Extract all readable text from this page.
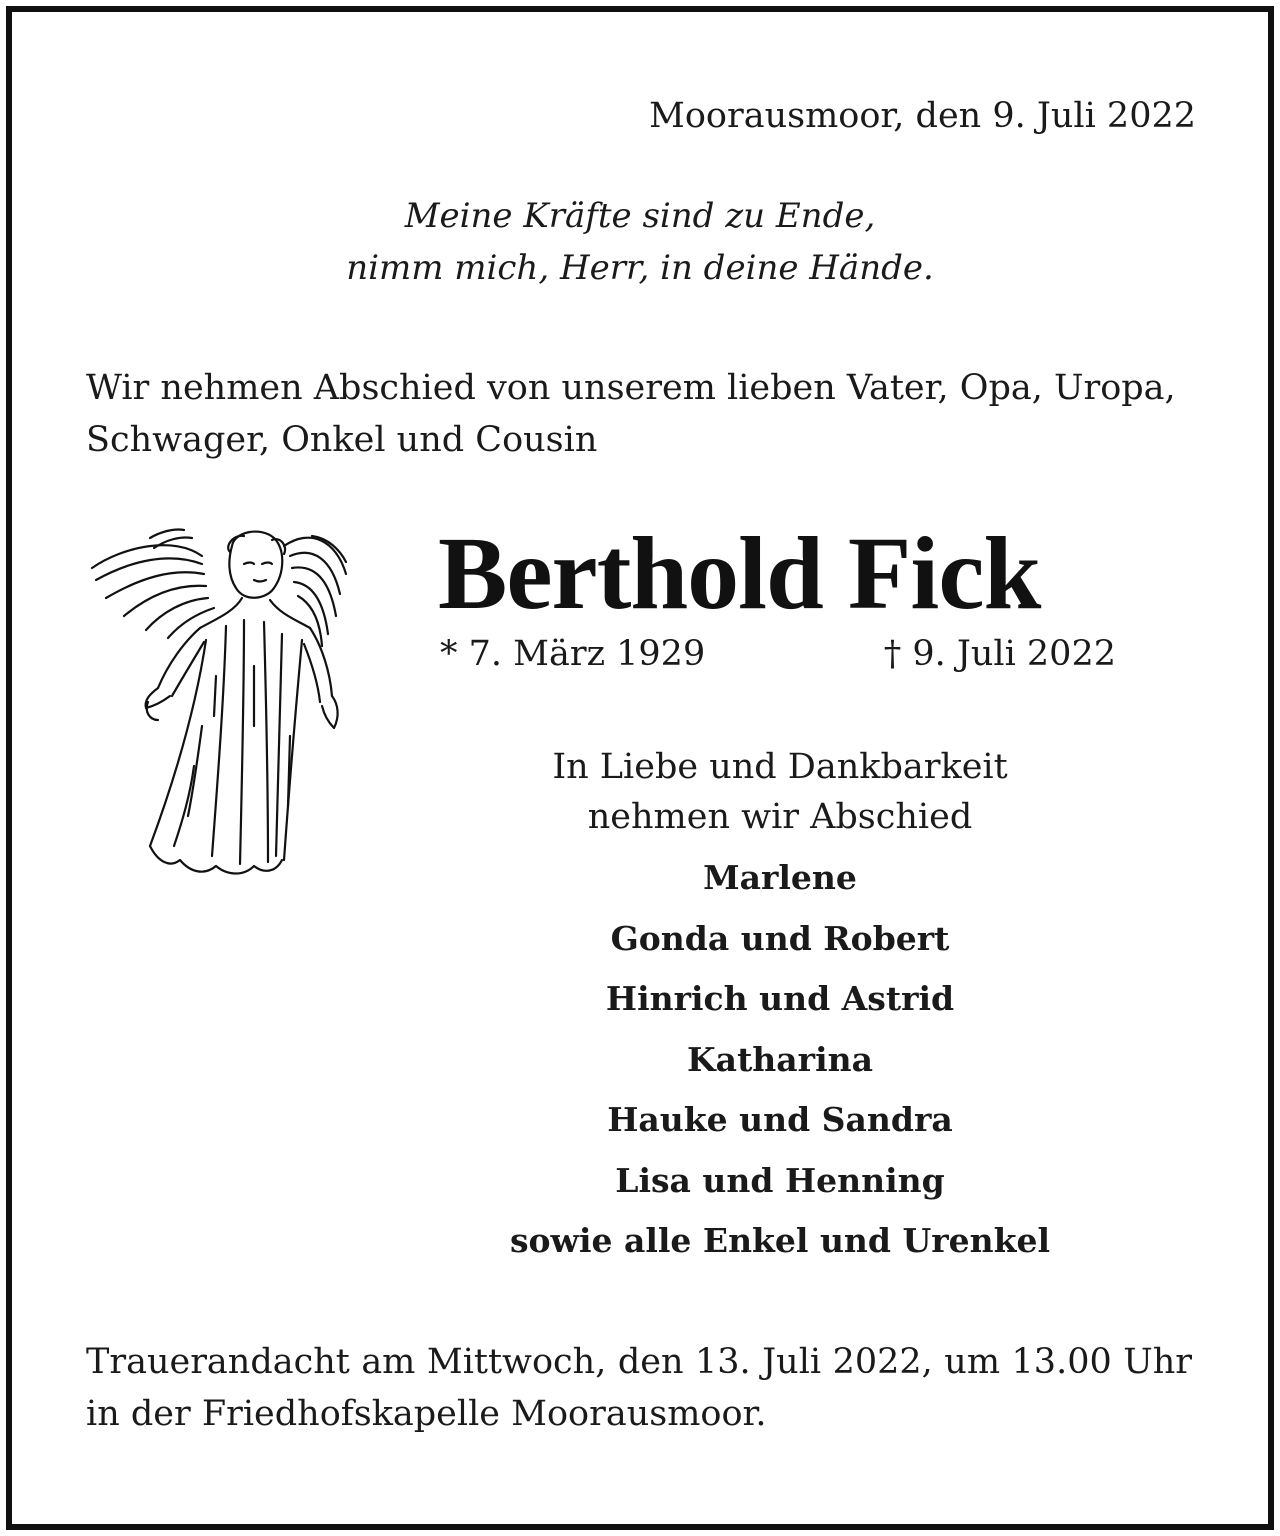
Moorausmoor, den 9. Juli 2022
Meine Kräfte sind zu Ende,
nimm mich, Herr, in deine Hände.
Wir nehmen Abschied von unserem lieben Vater, Opa, Uropa, Schwager, Onkel und Cousin
Berthold Fick
* 7. März 1929	† 9. Juli 2022
In Liebe und Dankbarkeit
nehmen wir Abschied
Marlene
Gonda und Robert
Hinrich und Astrid
Katharina
Hauke und Sandra
Lisa und Henning
sowie alle Enkel und Urenkel
Trauerandacht am Mittwoch, den 13. Juli 2022, um 13.00 Uhr in der Friedhofskapelle Moorausmoor.
